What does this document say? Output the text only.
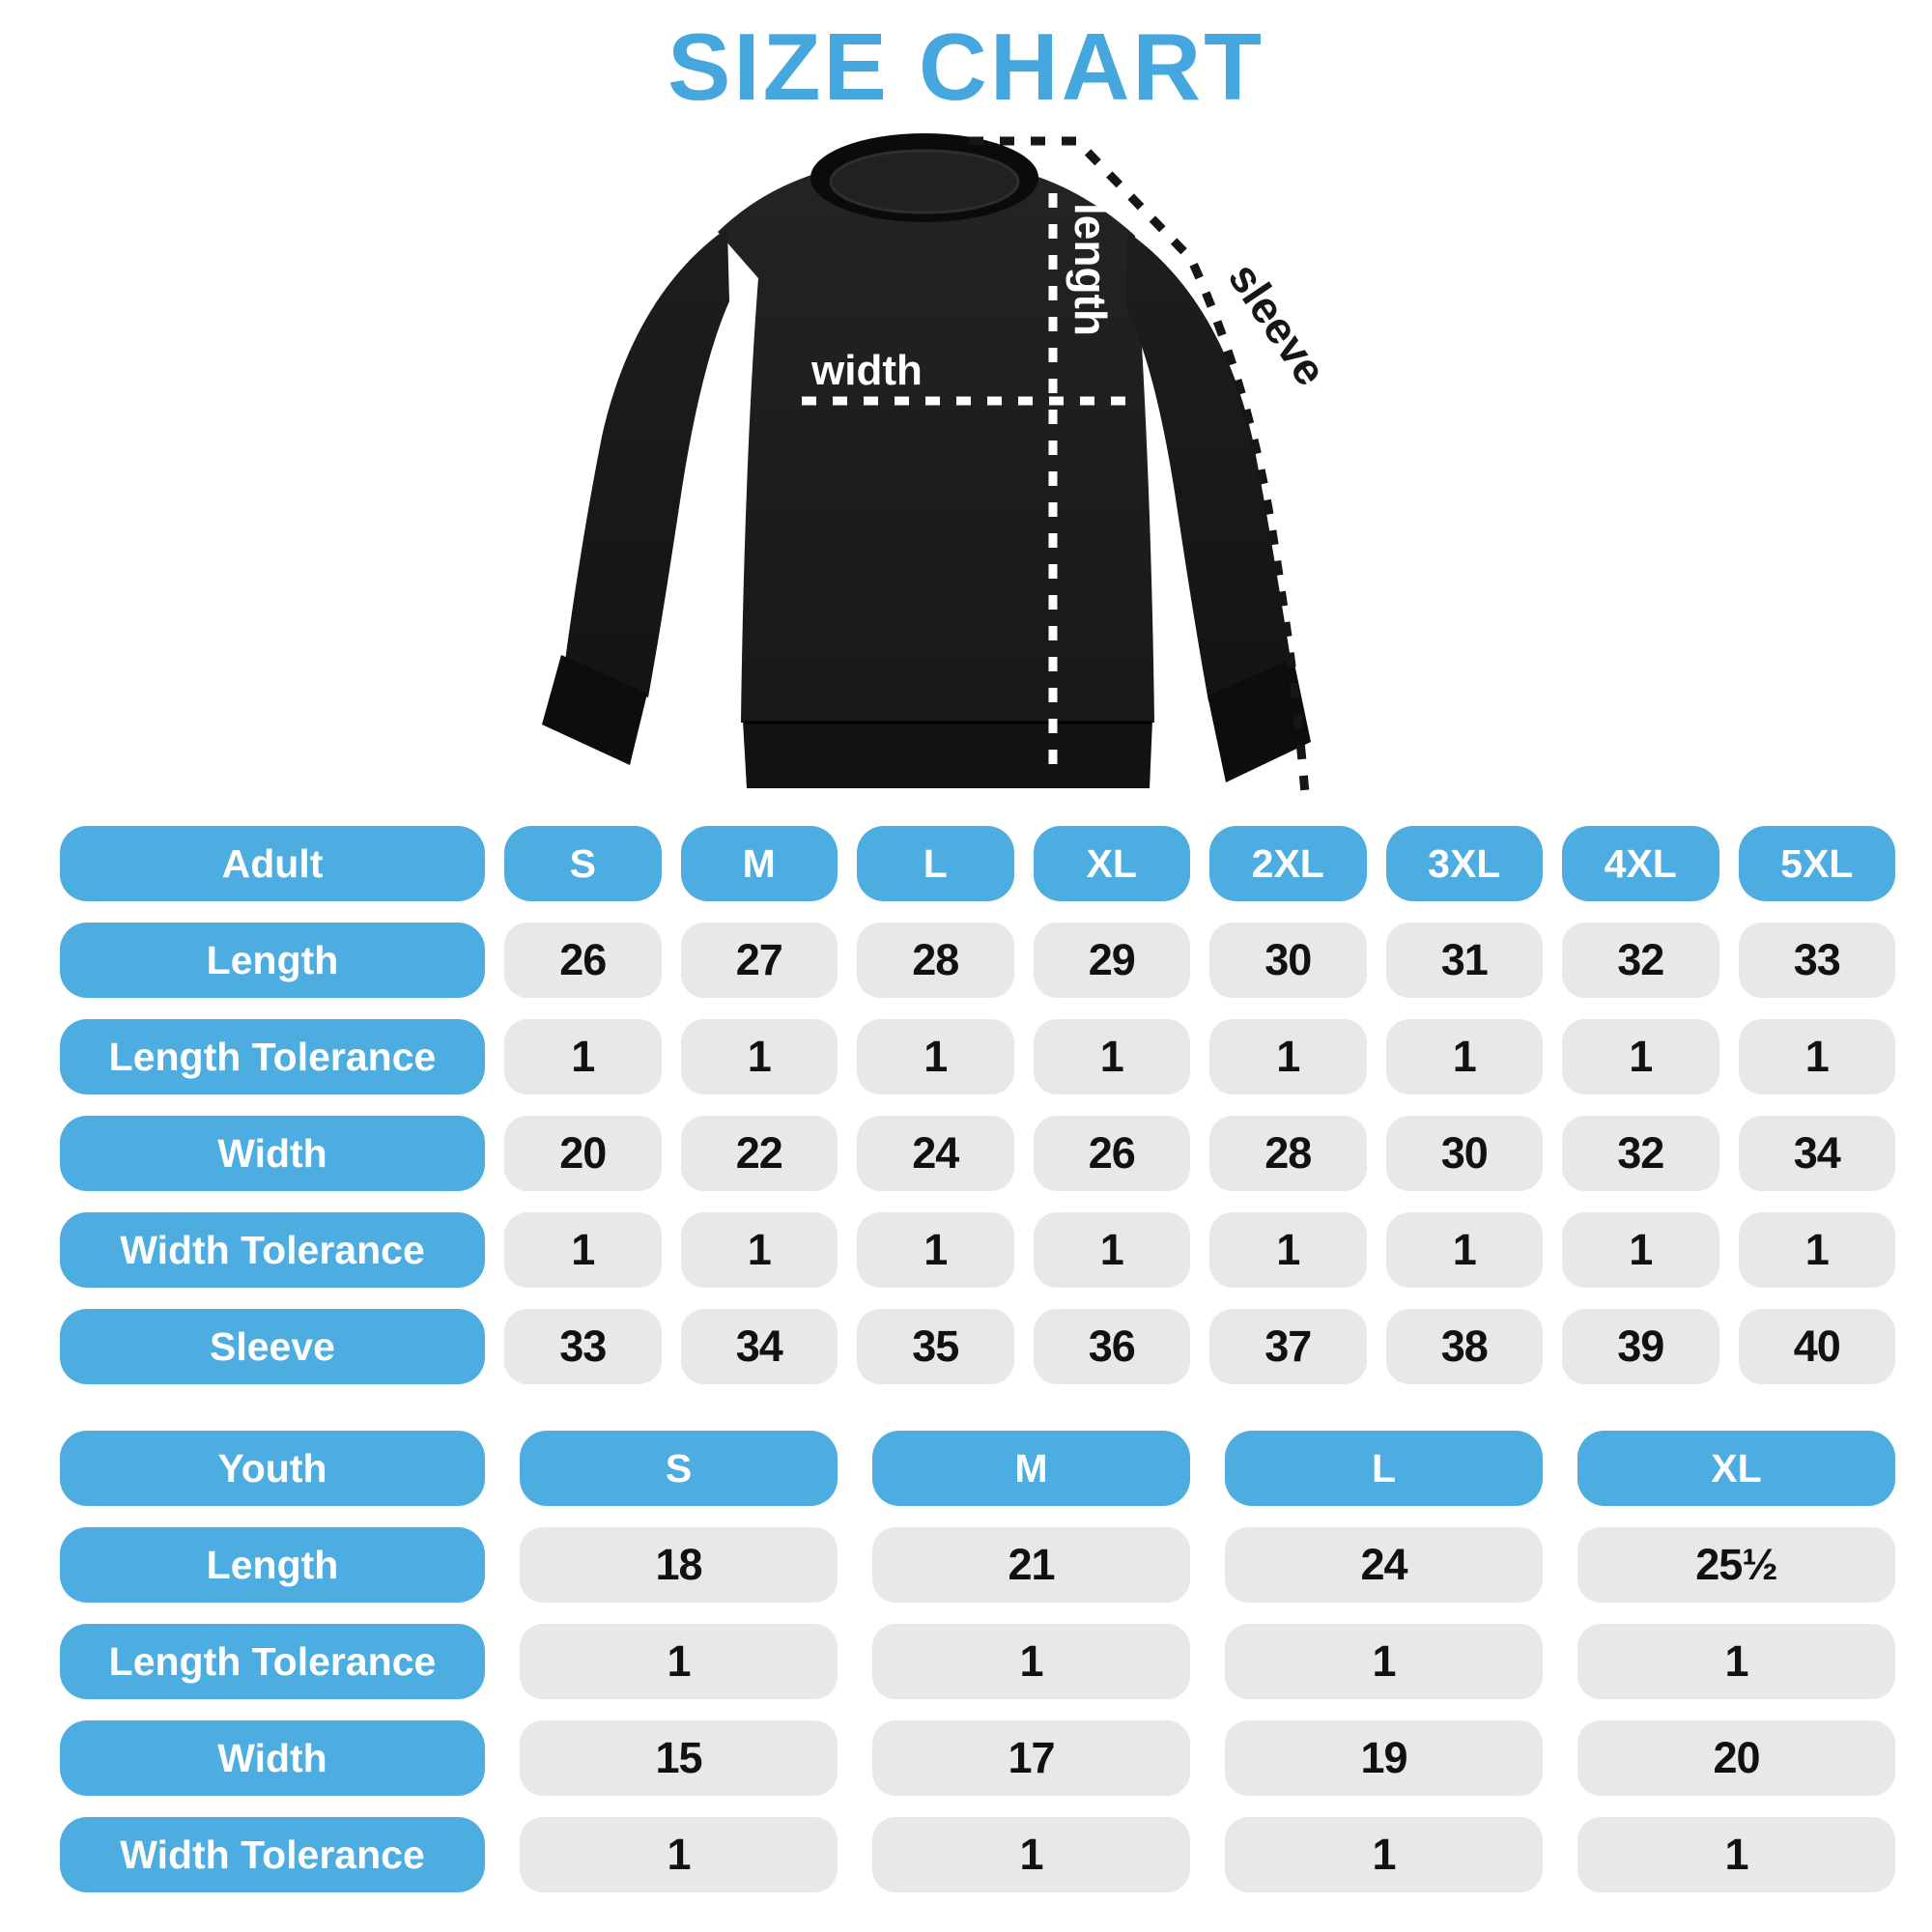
SIZE CHART
length
width	sleeve
Adult	S	M	L	XL	2XL	3XL	4XL	5XL
Length	26	27	28	29	30	31	32	33
Length Tolerance	1	1	1	1	1	1	1	1
Width	20	22	24	26	28	30	32	34
Width Tolerance	1	1	1	1	1	1	1	1
Sleeve	33	34	35	36	37	38	39	40
Youth	S	M	L	XL
Length	18	21	24	25½
Length Tolerance	1	1	1	1
Width	15	17	19	20
Width Tolerance	1	1	1	1
